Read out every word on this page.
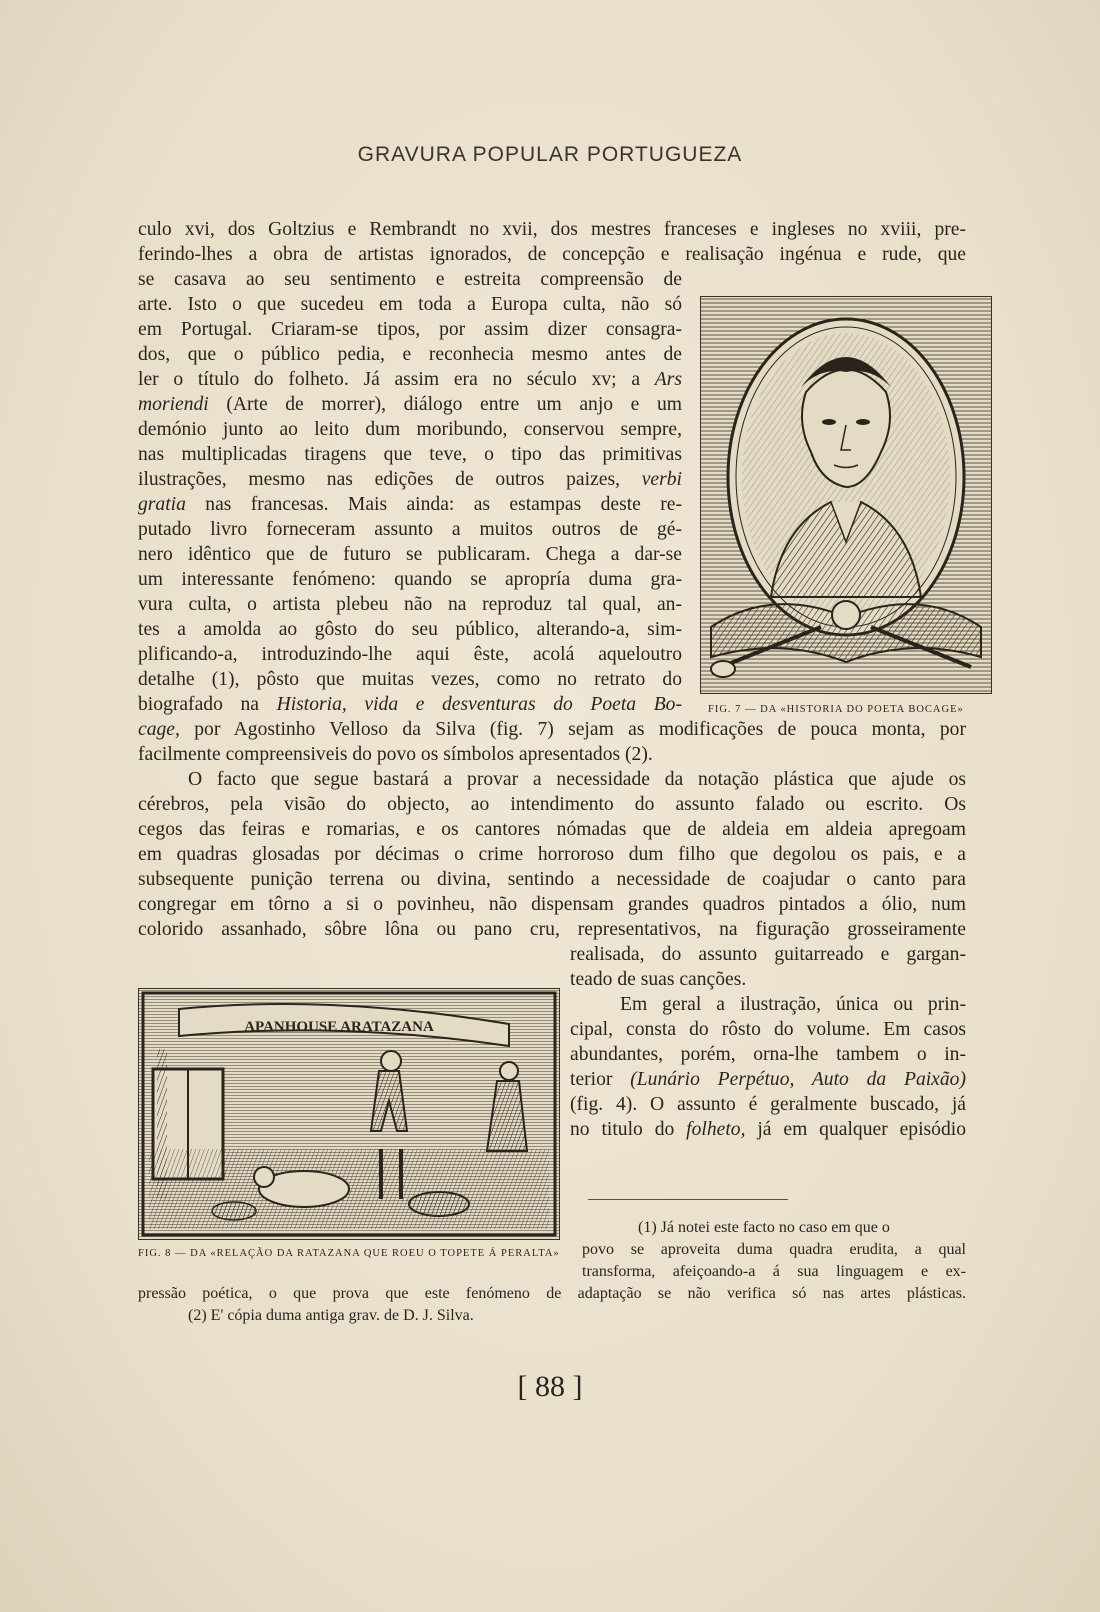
GRAVURA POPULAR PORTUGUEZA
culo xvi, dos Goltzius e Rembrandt no xvii, dos mestres franceses e ingleses no xviii, pre-
ferindo-lhes a obra de artistas ignorados, de concepção e realisação ingénua e rude, que
se casava ao seu sentimento e estreita compreensão de
arte. Isto o que sucedeu em toda a Europa culta, não só
em Portugal. Criaram-se tipos, por assim dizer consagra-
dos, que o público pedia, e reconhecia mesmo antes de
ler o título do folheto. Já assim era no século xv; a Ars
moriendi (Arte de morrer), diálogo entre um anjo e um
demónio junto ao leito dum moribundo, conservou sempre,
nas multiplicadas tiragens que teve, o tipo das primitivas
ilustrações, mesmo nas edições de outros paizes, verbi
gratia nas francesas. Mais ainda: as estampas deste re-
putado livro forneceram assunto a muitos outros de gé-
nero idêntico que de futuro se publicaram. Chega a dar-se
um interessante fenómeno: quando se apropría duma gra-
vura culta, o artista plebeu não na reproduz tal qual, an-
tes a amolda ao gôsto do seu público, alterando-a, sim-
plificando-a, introduzindo-lhe aqui êste, acolá aqueloutro
detalhe (1), pôsto que muitas vezes, como no retrato do
biografado na Historia, vida e desventuras do Poeta Bo-
cage, por Agostinho Velloso da Silva (fig. 7) sejam as modificações de pouca monta, por
facilmente compreensiveis do povo os símbolos apresentados (2).
O facto que segue bastará a provar a necessidade da notação plástica que ajude os
cérebros, pela visão do objecto, ao intendimento do assunto falado ou escrito. Os
cegos das feiras e romarias, e os cantores nómadas que de aldeia em aldeia apregoam
em quadras glosadas por décimas o crime horroroso dum filho que degolou os pais, e a
subsequente punição terrena ou divina, sentindo a necessidade de coajudar o canto para
congregar em tôrno a si o povinheu, não dispensam grandes quadros pintados a ólio, num
colorido assanhado, sôbre lôna ou pano cru, representativos, na figuração grosseiramente
realisada, do assunto guitarreado e gargan-
teado de suas canções.
Em geral a ilustração, única ou prin-
cipal, consta do rôsto do volume. Em casos
abundantes, porém, orna-lhe tambem o in-
terior (Lunário Perpétuo, Auto da Paixão)
(fig. 4). O assunto é geralmente buscado, já
no titulo do folheto, já em qualquer episódio
FIG. 7 — DA «HISTORIA DO POETA BOCAGE»
APANHOUSE ARATAZANA
FIG. 8 — DA «RELAÇÃO DA RATAZANA QUE ROEU O TOPETE Á PERALTA»
(1) Já notei este facto no caso em que o
povo se aproveita duma quadra erudita, a qual
transforma, afeiçoando-a á sua linguagem e ex-
pressão poética, o que prova que este fenómeno de adaptação se não verifica só nas artes plásticas.
(2) E' cópia duma antiga grav. de D. J. Silva.
[ 88 ]
